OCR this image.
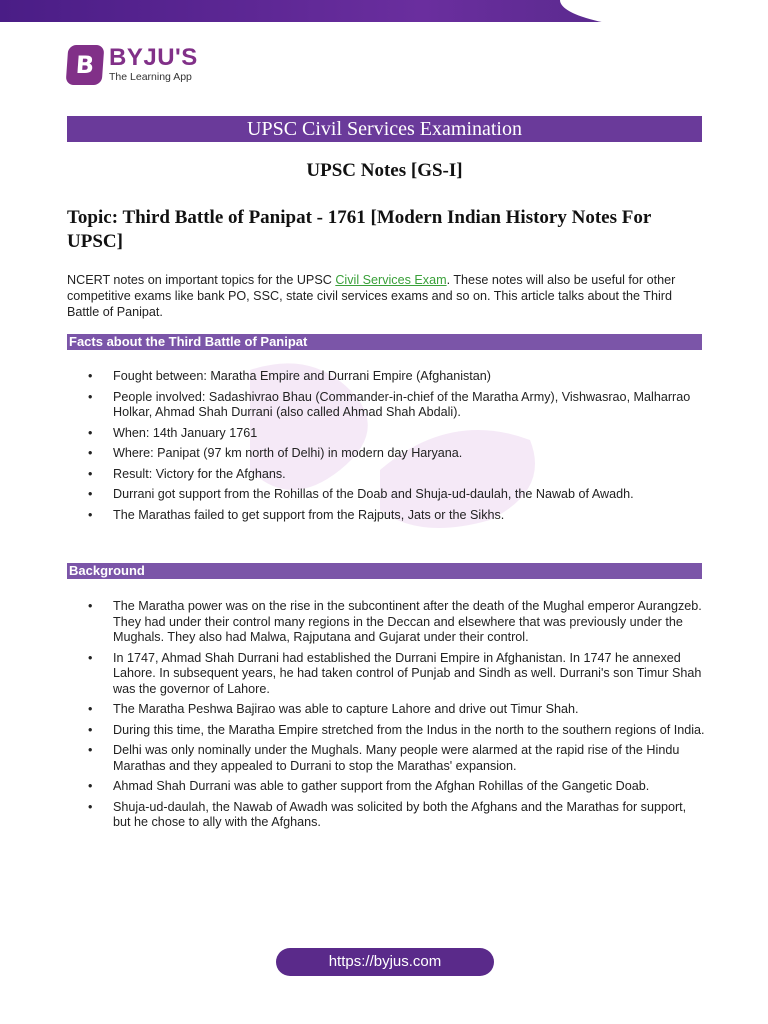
B BYJU'S
The Learning App
UPSC Civil Services Examination
UPSC Notes [GS-I]
Topic: Third Battle of Panipat - 1761 [Modern Indian History Notes For UPSC]
NCERT notes on important topics for the UPSC Civil Services Exam. These notes will also be useful for other competitive exams like bank PO, SSC, state civil services exams and so on. This article talks about the Third Battle of Panipat.
Facts about the Third Battle of Panipat
• Fought between: Maratha Empire and Durrani Empire (Afghanistan)
• People involved: Sadashivrao Bhau (Commander-in-chief of the Maratha Army), Vishwasrao, Malharrao Holkar, Ahmad Shah Durrani (also called Ahmad Shah Abdali).
• When: 14th January 1761
• Where: Panipat (97 km north of Delhi) in modern day Haryana.
• Result: Victory for the Afghans.
• Durrani got support from the Rohillas of the Doab and Shuja-ud-daulah, the Nawab of Awadh.
• The Marathas failed to get support from the Rajputs, Jats or the Sikhs.
Background
• The Maratha power was on the rise in the subcontinent after the death of the Mughal emperor Aurangzeb. They had under their control many regions in the Deccan and elsewhere that was previously under the Mughals. They also had Malwa, Rajputana and Gujarat under their control.
• In 1747, Ahmad Shah Durrani had established the Durrani Empire in Afghanistan. In 1747 he annexed Lahore. In subsequent years, he had taken control of Punjab and Sindh as well. Durrani's son Timur Shah was the governor of Lahore.
• The Maratha Peshwa Bajirao was able to capture Lahore and drive out Timur Shah.
• During this time, the Maratha Empire stretched from the Indus in the north to the southern regions of India.
• Delhi was only nominally under the Mughals. Many people were alarmed at the rapid rise of the Hindu Marathas and they appealed to Durrani to stop the Marathas' expansion.
• Ahmad Shah Durrani was able to gather support from the Afghan Rohillas of the Gangetic Doab.
• Shuja-ud-daulah, the Nawab of Awadh was solicited by both the Afghans and the Marathas for support, but he chose to ally with the Afghans.
https://byjus.com
